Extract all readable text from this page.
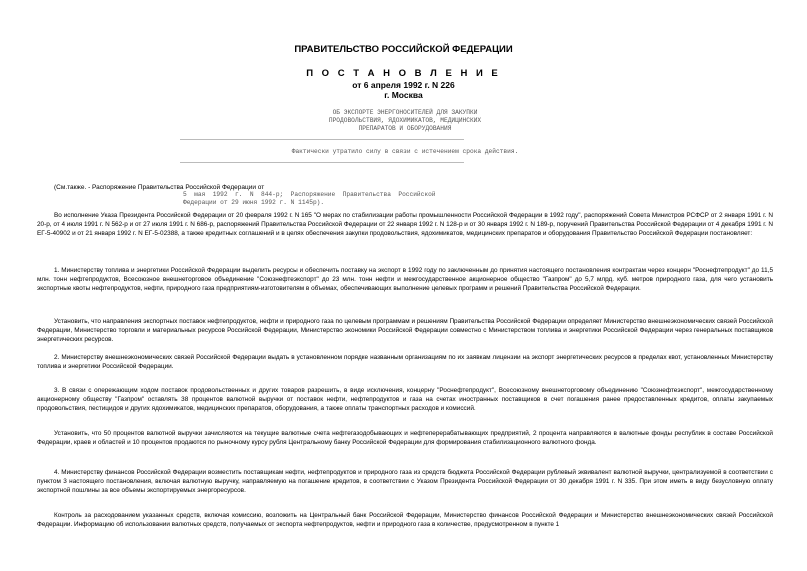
ПРАВИТЕЛЬСТВО РОССИЙСКОЙ ФЕДЕРАЦИИ
П О С Т А Н О В Л Е Н И Е
от 6 апреля 1992 г. N 226
г. Москва
ОБ ЭКСПОРТЕ ЭНЕРГОНОСИТЕЛЕЙ ДЛЯ ЗАКУПКИ
ПРОДОВОЛЬСТВИЯ, ЯДОХИМИКАТОВ, МЕДИЦИНСКИХ
ПРЕПАРАТОВ И ОБОРУДОВАНИЯ
Фактически утратило силу в связи с истечением срока действия.
(См.также. - Распоряжение Правительства Российской Федерации от
5  мая  1992  г.  N  844-р;  Распоряжение  Правительства  Российской
Федерации от 29 июня 1992 г. N 1145р).

Во исполнение Указа Президента Российской Федерации от 20 февраля 1992 г. N 165 "О мерах по стабилизации работы промышленности Российской Федерации в 1992 году", распоряжений Совета Министров РСФСР от 2 января 1991 г. N 20-р, от 4 июля 1991 г. N 562-р и от 27 июля 1991 г. N 686-р, распоряжений Правительства Российской Федерации от 22 января 1992 г. N 128-р и от 30 января 1992 г. N 189-р, поручений Правительства Российской Федерации от 4 декабря 1991 г. N ЕГ-5-40902 и от 21 января 1992 г. N ЕГ-5-02388, а также кредитных соглашений и в целях обеспечения закупки продовольствия, ядохимикатов, медицинских препаратов и оборудования Правительство Российской Федерации постановляет:

1. Министерству топлива и энергетики Российской Федерации выделить ресурсы и обеспечить поставку на экспорт в 1992 году по заключенным до принятия настоящего постановления контрактам через концерн "Роснефтепродукт" до 11,5 млн. тонн нефтепродуктов, Всесоюзное внешнеторговое объединение "Союзнефтеэкспорт" до 23 млн. тонн нефти и межгосударственное акционерное общество "Газпром" до 5,7 млрд. куб. метров природного газа, для чего установить экспортные квоты нефтепродуктов, нефти, природного газа предприятиям-изготовителям в объемах, обеспечивающих выполнение целевых программ и решений Правительства Российской Федерации.

Установить, что направления экспортных поставок нефтепродуктов, нефти и природного газа по целевым программам и решениям Правительства Российской Федерации определяет Министерство внешнеэкономических связей Российской Федерации, Министерство торговли и материальных ресурсов Российской Федерации, Министерство экономики Российской Федерации совместно с Министерством топлива и энергетики Российской Федерации через генеральных поставщиков энергетических ресурсов.

2. Министерству внешнеэкономических связей Российской Федерации выдать в установленном порядке названным организациям по их заявкам лицензии на экспорт энергетических ресурсов в пределах квот, установленных Министерству топлива и энергетики Российской Федерации.

3. В связи с опережающим ходом поставок продовольственных и других товаров разрешить, в виде исключения, концерну "Роснефтепродукт", Всесоюзному внешнеторговому объединению "Союзнефтеэкспорт", межгосударственному акционерному обществу "Газпром" оставлять 38 процентов валютной выручки от поставок нефти, нефтепродуктов и газа на счетах иностранных поставщиков в счет погашения ранее предоставленных кредитов, оплаты закупаемых продовольствия, пестицидов и других ядохимикатов, медицинских препаратов, оборудования, а также оплаты транспортных расходов и комиссий.

Установить, что 50 процентов валютной выручки зачисляются на текущие валютные счета нефтегазодобывающих и нефтеперерабатывающих предприятий, 2 процента направляются в валютные фонды республик в составе Российской Федерации, краев и областей и 10 процентов продаются по рыночному курсу рубля Центральному банку Российской Федерации для формирования стабилизационного валютного фонда.

4. Министерству финансов Российской Федерации возместить поставщикам нефти, нефтепродуктов и природного газа из средств бюджета Российской Федерации рублевый эквивалент валютной выручки, централизуемой в соответствии с пунктом 3 настоящего постановления, включая валютную выручку, направляемую на погашение кредитов, в соответствии с Указом Президента Российской Федерации от 30 декабря 1991 г. N 335. При этом иметь в виду безусловную оплату экспортной пошлины за все объемы экспортируемых энергоресурсов.

Контроль за расходованием указанных средств, включая комиссию, возложить на Центральный банк Российской Федерации, Министерство финансов Российской Федерации и Министерство внешнеэкономических связей Российской Федерации. Информацию об использовании валютных средств, получаемых от экспорта нефтепродуктов, нефти и природного газа в количестве, предусмотренном в пункте 1
